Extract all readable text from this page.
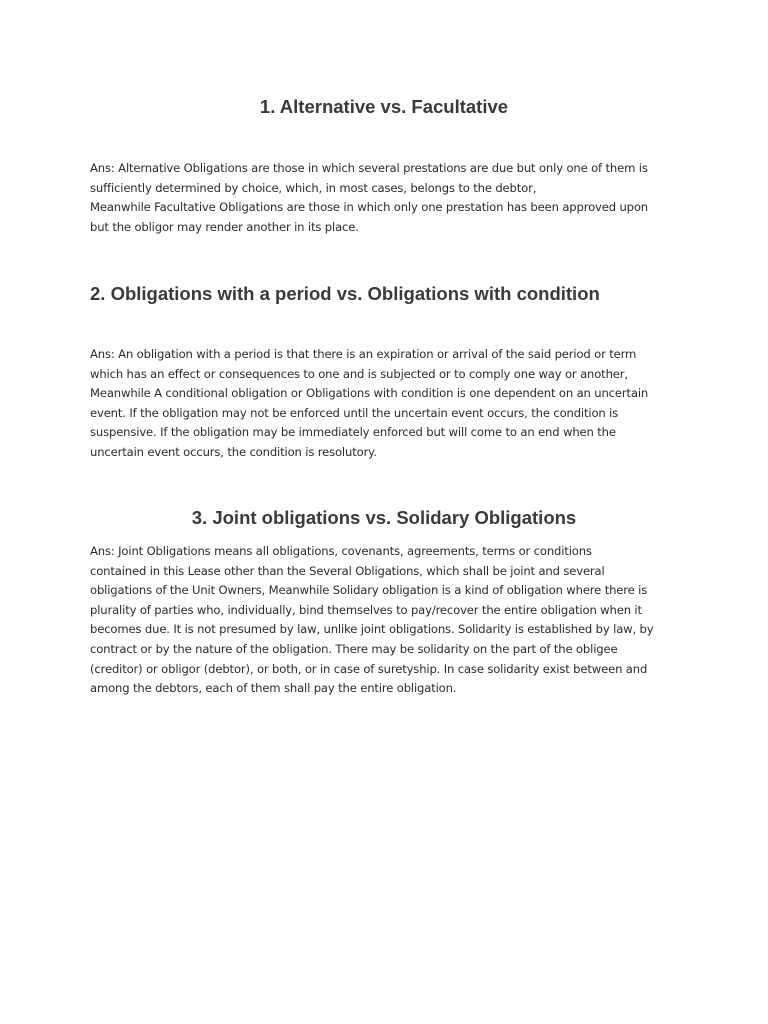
1. Alternative vs. Facultative
Ans: Alternative Obligations are those in which several prestations are due but only one of them is
sufficiently determined by choice, which, in most cases, belongs to the debtor,
Meanwhile Facultative Obligations are those in which only one prestation has been approved upon
but the obligor may render another in its place.
2. Obligations with a period vs. Obligations with condition
Ans: An obligation with a period is that there is an expiration or arrival of the said period or term
which has an effect or consequences to one and is subjected or to comply one way or another,
Meanwhile A conditional obligation or Obligations with condition is one dependent on an uncertain
event. If the obligation may not be enforced until the uncertain event occurs, the condition is
suspensive. If the obligation may be immediately enforced but will come to an end when the
uncertain event occurs, the condition is resolutory.
3. Joint obligations vs. Solidary Obligations
Ans: Joint Obligations means all obligations, covenants, agreements, terms or conditions
contained in this Lease other than the Several Obligations, which shall be joint and several
obligations of the Unit Owners, Meanwhile Solidary obligation is a kind of obligation where there is
plurality of parties who, individually, bind themselves to pay/recover the entire obligation when it
becomes due. It is not presumed by law, unlike joint obligations. Solidarity is established by law, by
contract or by the nature of the obligation. There may be solidarity on the part of the obligee
(creditor) or obligor (debtor), or both, or in case of suretyship. In case solidarity exist between and
among the debtors, each of them shall pay the entire obligation.
